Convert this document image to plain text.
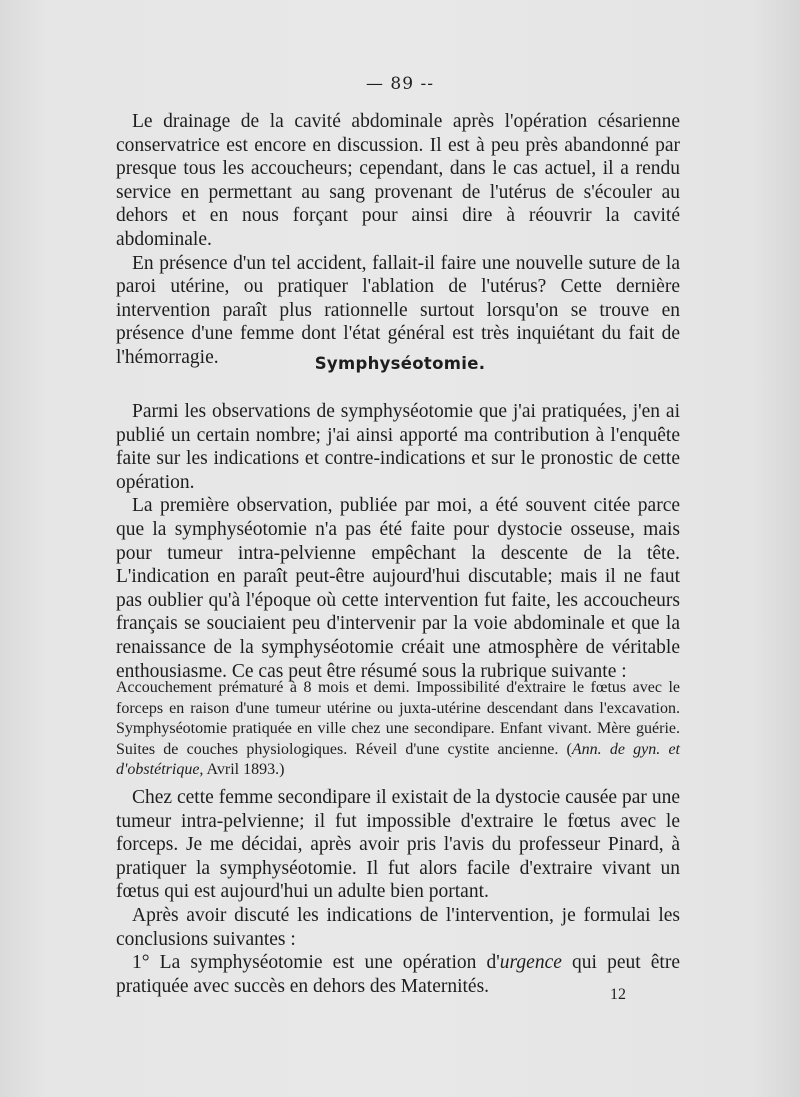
— 89 --

Le drainage de la cavité abdominale après l'opération césarienne conservatrice est encore en discussion. Il est à peu près abandonné par presque tous les accoucheurs; cependant, dans le cas actuel, il a rendu service en permettant au sang provenant de l'utérus de s'écouler au dehors et en nous forçant pour ainsi dire à réouvrir la cavité abdominale.

En présence d'un tel accident, fallait-il faire une nouvelle suture de la paroi utérine, ou pratiquer l'ablation de l'utérus? Cette dernière intervention paraît plus rationnelle surtout lorsqu'on se trouve en présence d'une femme dont l'état général est très inquiétant du fait de l'hémorragie.	Symphyséotomie.

Parmi les observations de symphyséotomie que j'ai pratiquées, j'en ai publié un certain nombre; j'ai ainsi apporté ma contribution à l'enquête faite sur les indications et contre-indications et sur le pronostic de cette opération.

La première observation, publiée par moi, a été souvent citée parce que la symphyséotomie n'a pas été faite pour dystocie osseuse, mais pour tumeur intra-pelvienne empêchant la descente de la tête. L'indication en paraît peut-être aujourd'hui discutable; mais il ne faut pas oublier qu'à l'époque où cette intervention fut faite, les accoucheurs français se souciaient peu d'intervenir par la voie abdominale et que la renaissance de la symphyséotomie créait une atmosphère de véritable enthousiasme. Ce cas peut être résumé sous la rubrique suivante :

Accouchement prématuré à 8 mois et demi. Impossibilité d'extraire le fœtus avec le forceps en raison d'une tumeur utérine ou juxta-utérine descendant dans l'excavation. Symphyséotomie pratiquée en ville chez une secondipare. Enfant vivant. Mère guérie. Suites de couches physiologiques. Réveil d'une cystite ancienne. (Ann. de gyn. et d'obstétrique, Avril 1893.)

Chez cette femme secondipare il existait de la dystocie causée par une tumeur intra-pelvienne; il fut impossible d'extraire le fœtus avec le forceps. Je me décidai, après avoir pris l'avis du professeur Pinard, à pratiquer la symphyséotomie. Il fut alors facile d'extraire vivant un fœtus qui est aujourd'hui un adulte bien portant.

Après avoir discuté les indications de l'intervention, je formulai les conclusions suivantes :

1° La symphyséotomie est une opération d'urgence qui peut être pratiquée avec succès en dehors des Maternités.	12
